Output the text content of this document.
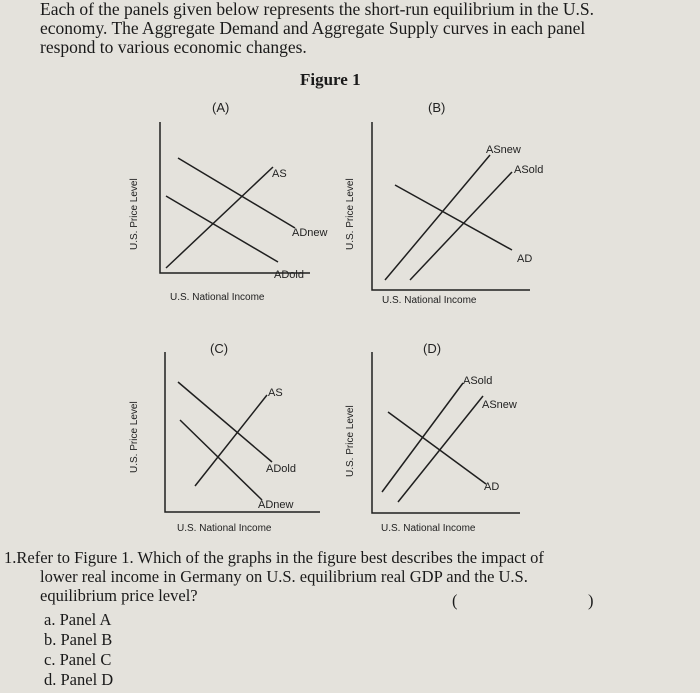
Each of the panels given below represents the short-run equilibrium in the U.S.
economy. The Aggregate Demand and Aggregate Supply curves in each panel
respond to various economic changes.
Figure 1
(A)	(B)
(C)	(D)
U.S. Price Level	U.S. Price Level
U.S. Price Level	U.S. Price Level
U.S. National Income	U.S. National Income
U.S. National Income	U.S. National Income
AS
ADnew
ADold
ASnew
ASold
AD
AS
ADold
ADnew
ASold
ASnew
AD
1.Refer to Figure 1. Which of the graphs in the figure best describes the impact of
lower real income in Germany on U.S. equilibrium real GDP and the U.S.
equilibrium price level?	(	)
a. Panel A
b. Panel B
c. Panel C
d. Panel D
